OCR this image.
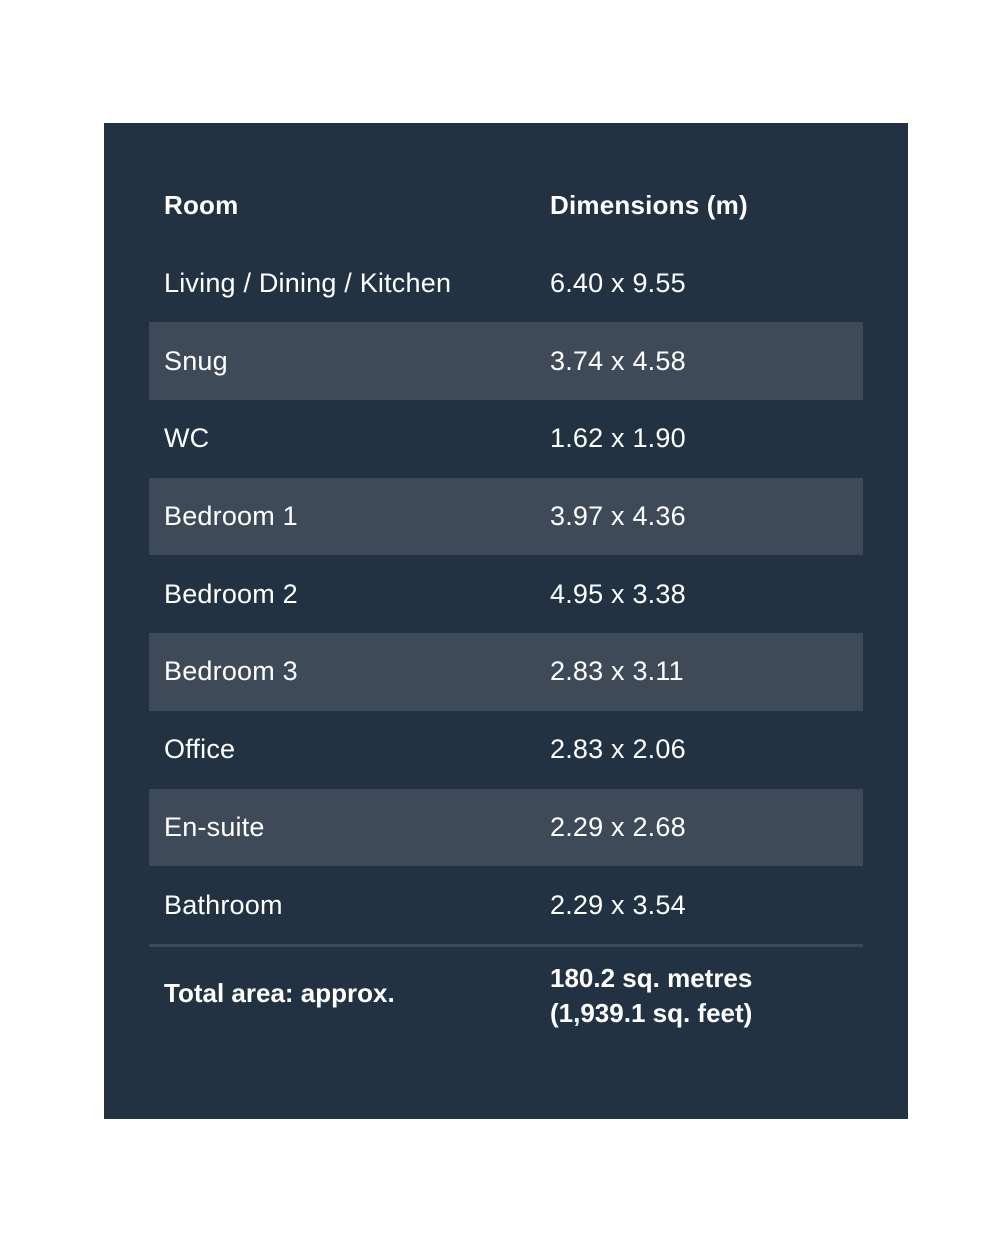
Room	Dimensions (m)
Living / Dining / Kitchen	6.40 x 9.55
Snug	3.74 x 4.58
WC	1.62 x 1.90
Bedroom 1	3.97 x 4.36
Bedroom 2	4.95 x 3.38
Bedroom 3	2.83 x 3.11
Office	2.83 x 2.06
En-suite	2.29 x 2.68
Bathroom	2.29 x 3.54
Total area: approx.	180.2 sq. metres
(1,939.1 sq. feet)
